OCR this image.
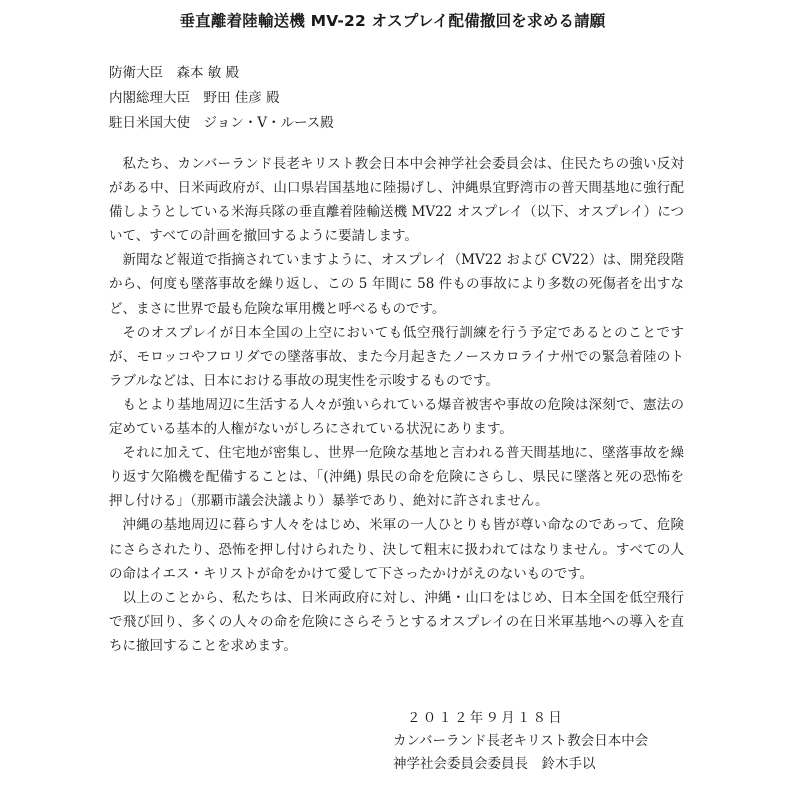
垂直離着陸輸送機 MV-22 オスプレイ配備撤回を求める請願
防衛大臣　森本 敏 殿
内閣総理大臣　野田 佳彦 殿
駐日米国大使　ジョン・V・ルース殿

私たち、カンバーランド長老キリスト教会日本中会神学社会委員会は、住民たちの強い反対がある中、日米両政府が、山口県岩国基地に陸揚げし、沖縄県宜野湾市の普天間基地に強行配備しようとしている米海兵隊の垂直離着陸輸送機 MV22 オスプレイ（以下、オスプレイ）について、すべての計画を撤回するように要請します。

新聞など報道で指摘されていますように、オスプレイ（MV22 および CV22）は、開発段階から、何度も墜落事故を繰り返し、この 5 年間に 58 件もの事故により多数の死傷者を出すなど、まさに世界で最も危険な軍用機と呼べるものです。

そのオスプレイが日本全国の上空においても低空飛行訓練を行う予定であるとのことですが、モロッコやフロリダでの墜落事故、また今月起きたノースカロライナ州での緊急着陸のトラブルなどは、日本における事故の現実性を示唆するものです。

もとより基地周辺に生活する人々が強いられている爆音被害や事故の危険は深刻で、憲法の定めている基本的人権がないがしろにされている状況にあります。

それに加えて、住宅地が密集し、世界一危険な基地と言われる普天間基地に、墜落事故を繰り返す欠陥機を配備することは、「(沖縄) 県民の命を危険にさらし、県民に墜落と死の恐怖を押し付ける」（那覇市議会決議より）暴挙であり、絶対に許されません。

沖縄の基地周辺に暮らす人々をはじめ、米軍の一人ひとりも皆が尊い命なのであって、危険にさらされたり、恐怖を押し付けられたり、決して粗末に扱われてはなりません。すべての人の命はイエス・キリストが命をかけて愛して下さったかけがえのないものです。

以上のことから、私たちは、日米両政府に対し、沖縄・山口をはじめ、日本全国を低空飛行で飛び回り、多くの人々の命を危険にさらそうとするオスプレイの在日米軍基地への導入を直ちに撤回することを求めます。

２０１２年９月１８日
カンバーランド長老キリスト教会日本中会
神学社会委員会委員長　鈴木手以
